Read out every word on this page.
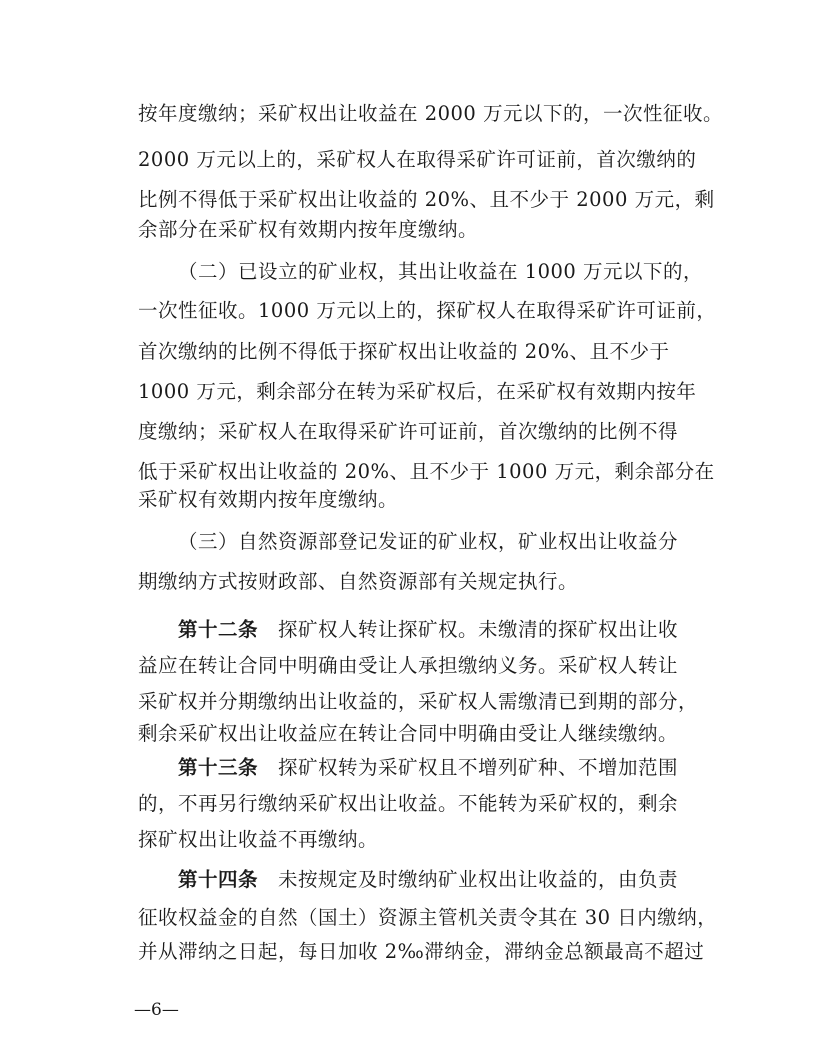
按年度缴纳；采矿权出让收益在 2000 万元以下的，一次性征收。
2000 万元以上的，采矿权人在取得采矿许可证前，首次缴纳的
比例不得低于采矿权出让收益的 20%、且不少于 2000 万元，剩
余部分在采矿权有效期内按年度缴纳。
（二）已设立的矿业权，其出让收益在 1000 万元以下的，
一次性征收。1000 万元以上的，探矿权人在取得采矿许可证前，
首次缴纳的比例不得低于探矿权出让收益的 20%、且不少于
1000 万元，剩余部分在转为采矿权后，在采矿权有效期内按年
度缴纳；采矿权人在取得采矿许可证前，首次缴纳的比例不得
低于采矿权出让收益的 20%、且不少于 1000 万元，剩余部分在
采矿权有效期内按年度缴纳。
（三）自然资源部登记发证的矿业权，矿业权出让收益分
期缴纳方式按财政部、自然资源部有关规定执行。
第十二条　探矿权人转让探矿权。未缴清的探矿权出让收
益应在转让合同中明确由受让人承担缴纳义务。采矿权人转让
采矿权并分期缴纳出让收益的，采矿权人需缴清已到期的部分，
剩余采矿权出让收益应在转让合同中明确由受让人继续缴纳。
第十三条　探矿权转为采矿权且不增列矿种、不增加范围
的，不再另行缴纳采矿权出让收益。不能转为采矿权的，剩余
探矿权出让收益不再缴纳。
第十四条　未按规定及时缴纳矿业权出让收益的，由负责
征收权益金的自然（国土）资源主管机关责令其在 30 日内缴纳，
并从滞纳之日起，每日加收 2‰滞纳金，滞纳金总额最高不超过
—6—
